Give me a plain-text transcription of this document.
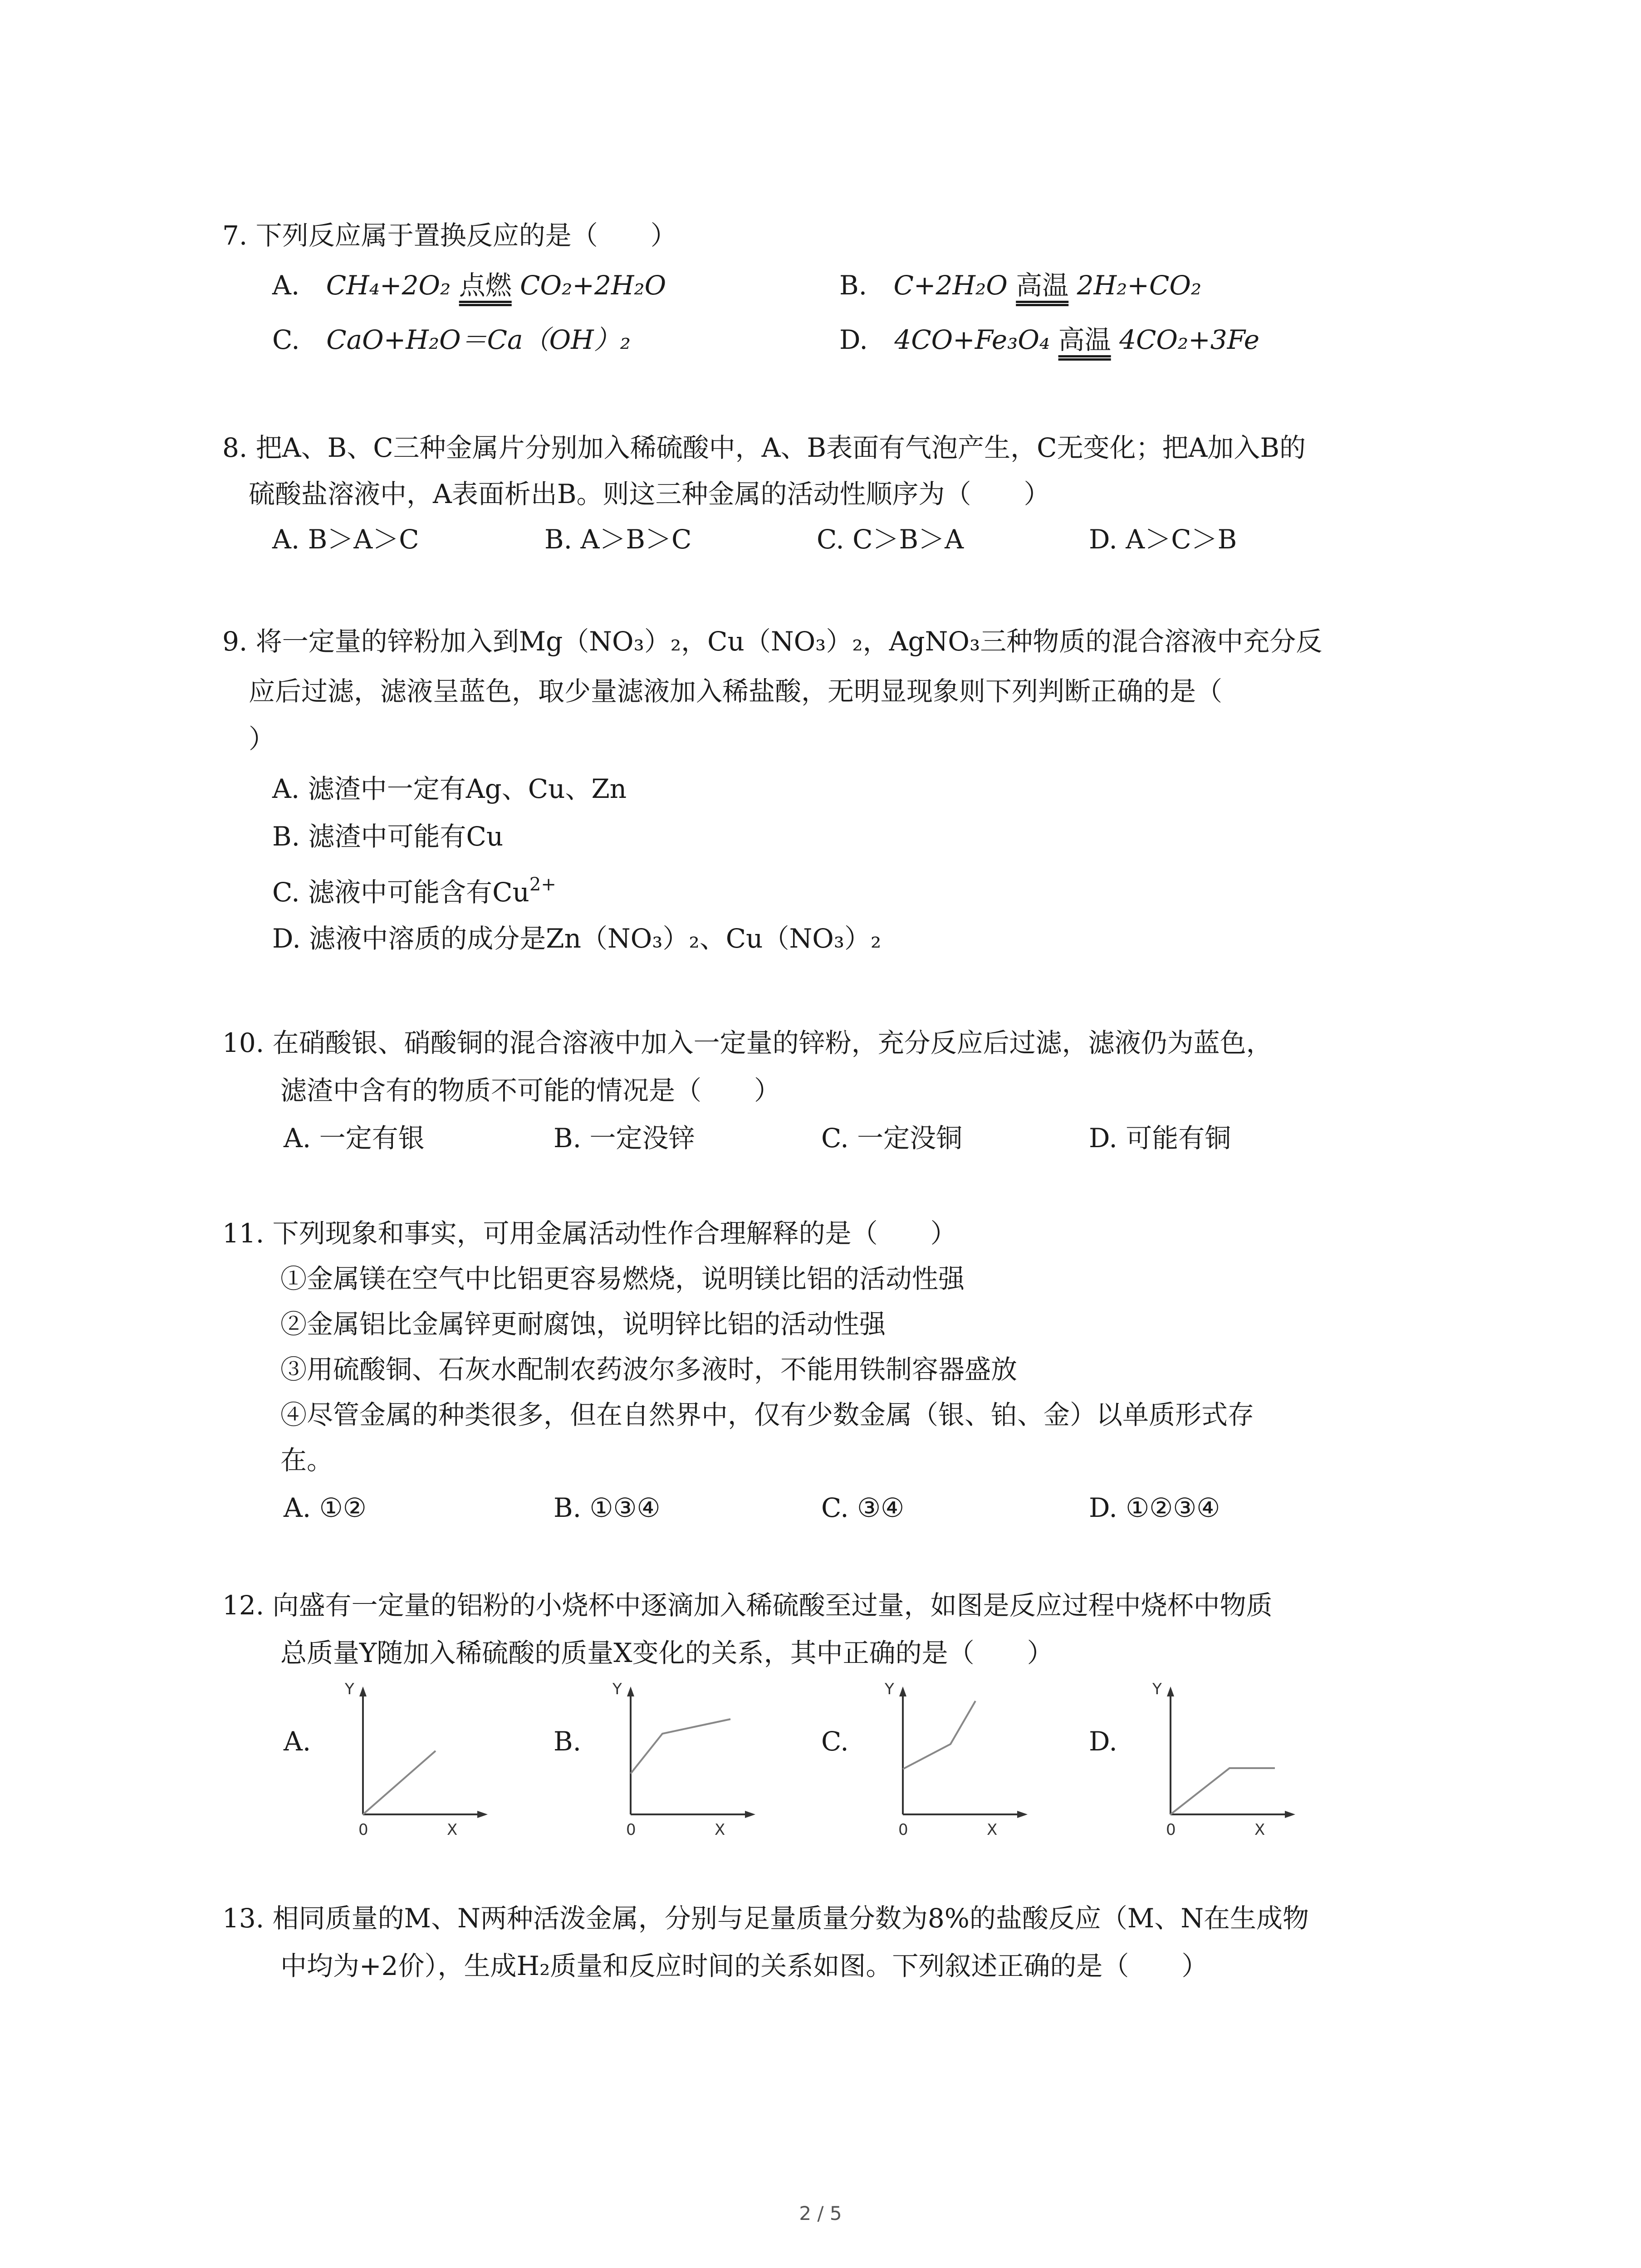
7. 下列反应属于置换反应的是（　　）
A. CH₄+2O₂ 点燃 CO₂+2H₂O	B. C+2H₂O 高温 2H₂+CO₂
C. CaO+H₂O＝Ca（OH）₂	D. 4CO+Fe₃O₄ 高温 4CO₂+3Fe
8. 把A、B、C三种金属片分别加入稀硫酸中，A、B表面有气泡产生，C无变化；把A加入B的
硫酸盐溶液中，A表面析出B。则这三种金属的活动性顺序为（　　）
A. B＞A＞C	B. A＞B＞C	C. C＞B＞A	D. A＞C＞B
9. 将一定量的锌粉加入到Mg（NO₃）₂，Cu（NO₃）₂，AgNO₃三种物质的混合溶液中充分反
应后过滤，滤液呈蓝色，取少量滤液加入稀盐酸，无明显现象则下列判断正确的是（
）
A. 滤渣中一定有Ag、Cu、Zn
B. 滤渣中可能有Cu
C. 滤液中可能含有$Cu^{2+}$
D. 滤液中溶质的成分是Zn（NO₃）₂、Cu（NO₃）₂
10. 在硝酸银、硝酸铜的混合溶液中加入一定量的锌粉，充分反应后过滤，滤液仍为蓝色，
滤渣中含有的物质不可能的情况是（　　）
A. 一定有银	B. 一定没锌	C. 一定没铜	D. 可能有铜
11. 下列现象和事实，可用金属活动性作合理解释的是（　　）
①金属镁在空气中比铝更容易燃烧，说明镁比铝的活动性强
②金属铝比金属锌更耐腐蚀，说明锌比铝的活动性强
③用硫酸铜、石灰水配制农药波尔多液时，不能用铁制容器盛放
④尽管金属的种类很多，但在自然界中，仅有少数金属（银、铂、金）以单质形式存
在。
A. ①②	B. ①③④	C. ③④	D. ①②③④
12. 向盛有一定量的铝粉的小烧杯中逐滴加入稀硫酸至过量，如图是反应过程中烧杯中物质
总质量Y随加入稀硫酸的质量X变化的关系，其中正确的是（　　）
A.	B.	C.	D.
Y
0	X
Y
0	X
Y
0	X
Y
0	X
13. 相同质量的M、N两种活泼金属，分别与足量质量分数为8%的盐酸反应（M、N在生成物
中均为+2价），生成H₂质量和反应时间的关系如图。下列叙述正确的是（　　）
2 / 5
